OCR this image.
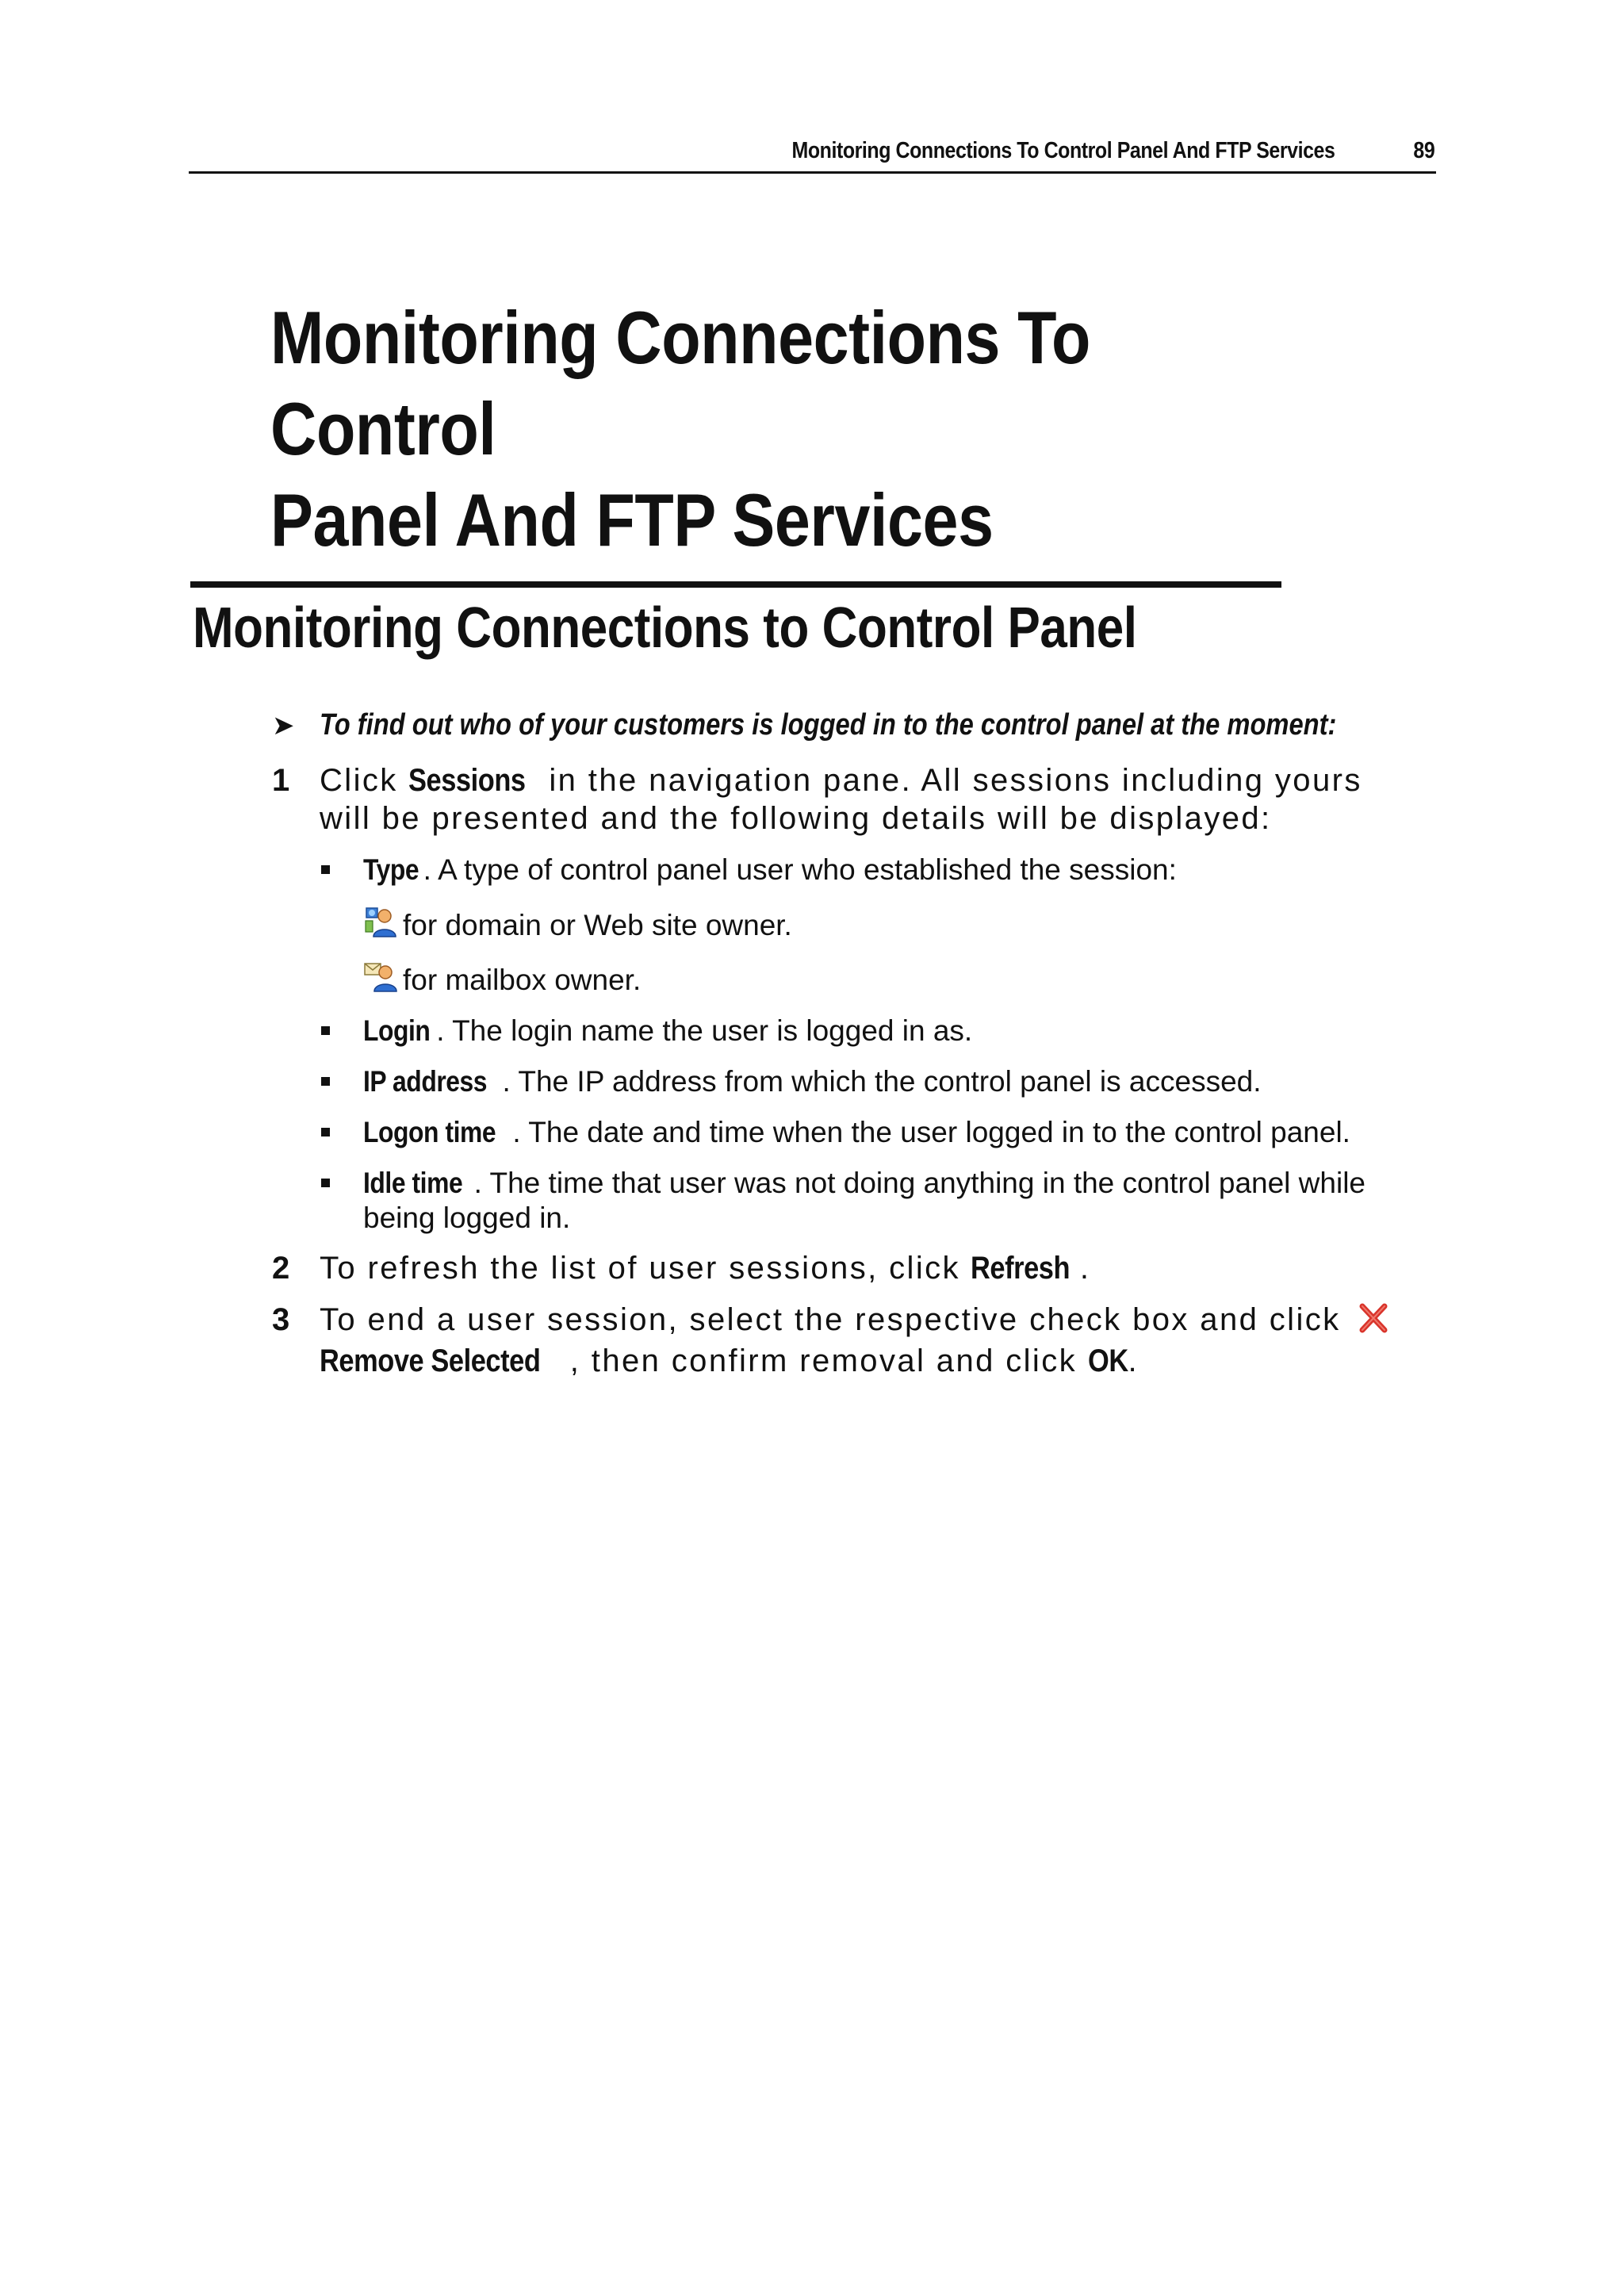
Monitoring Connections To Control Panel And FTP Services	89
Monitoring Connections To Control
Panel And FTP Services
Monitoring Connections to Control Panel
➤ To find out who of your customers is logged in to the control panel at the moment:
1 Click Sessions in the navigation pane. All sessions including yours will be presented and the following details will be displayed:
Type . A type of control panel user who established the session:
for domain or Web site owner.
for mailbox owner.
Login . The login name the user is logged in as.
IP address . The IP address from which the control panel is accessed.
Logon time . The date and time when the user logged in to the control panel.
Idle time . The time that user was not doing anything in the control panel while being logged in.
2 To refresh the list of user sessions, click Refresh .
3 To end a user session, select the respective check box and click
Remove Selected , then confirm removal and click OK.
